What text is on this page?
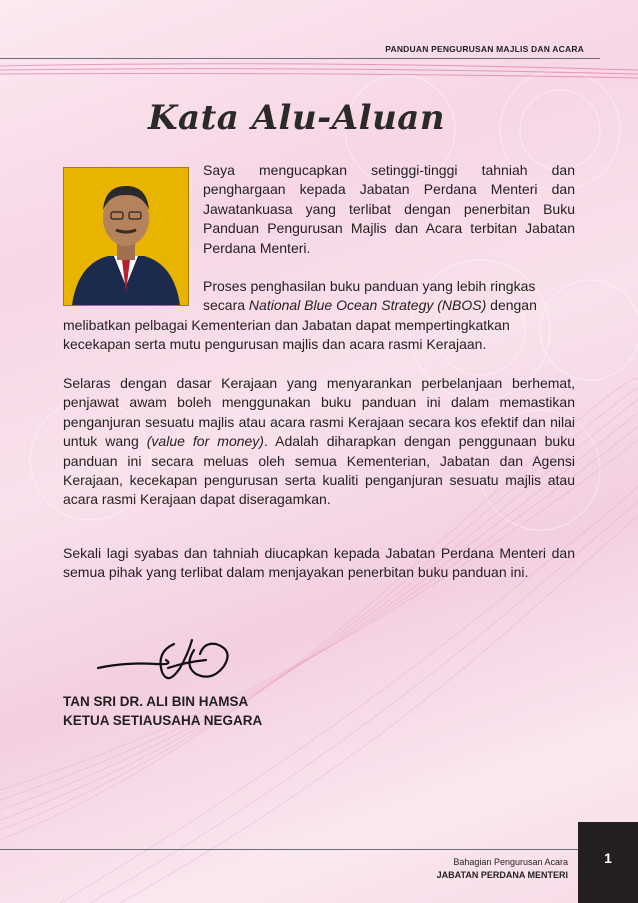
PANDUAN PENGURUSAN MAJLIS DAN ACARA
Kata Alu-Aluan
Saya mengucapkan setinggi-tinggi tahniah dan penghargaan kepada Jabatan Perdana Menteri dan Jawatankuasa yang terlibat dengan penerbitan Buku Panduan Pengurusan Majlis dan Acara terbitan Jabatan Perdana Menteri.
Proses penghasilan buku panduan yang lebih ringkas secara National Blue Ocean Strategy (NBOS) dengan
melibatkan pelbagai Kementerian dan Jabatan dapat mempertingkatkan kecekapan serta mutu pengurusan majlis dan acara rasmi Kerajaan.
Selaras dengan dasar Kerajaan yang menyarankan perbelanjaan berhemat, penjawat awam boleh menggunakan buku panduan ini dalam memastikan penganjuran sesuatu majlis atau acara rasmi Kerajaan secara kos efektif dan nilai untuk wang (value for money). Adalah diharapkan dengan penggunaan buku panduan ini secara meluas oleh semua Kementerian, Jabatan dan Agensi Kerajaan, kecekapan pengurusan serta kualiti penganjuran sesuatu majlis atau acara rasmi Kerajaan dapat diseragamkan.
Sekali lagi syabas dan tahniah diucapkan kepada Jabatan Perdana Menteri dan semua pihak yang terlibat dalam menjayakan penerbitan buku panduan ini.
TAN SRI DR. ALI BIN HAMSA
KETUA SETIAUSAHA NEGARA
Bahagian Pengurusan Acara
JABATAN PERDANA MENTERI
1
